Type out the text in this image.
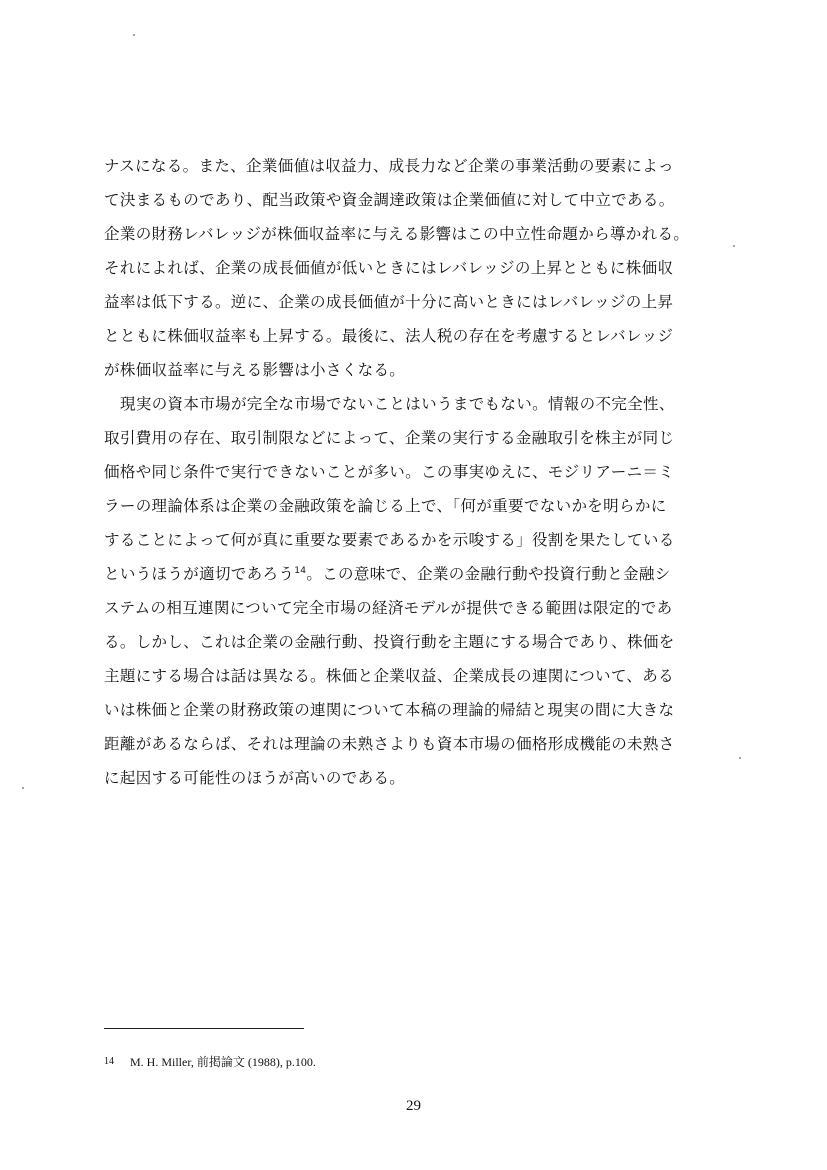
ナスになる。また、企業価値は収益力、成長力など企業の事業活動の要素によっ
て決まるものであり、配当政策や資金調達政策は企業価値に対して中立である。
企業の財務レバレッジが株価収益率に与える影響はこの中立性命題から導かれる。
それによれば、企業の成長価値が低いときにはレバレッジの上昇とともに株価収
益率は低下する。逆に、企業の成長価値が十分に高いときにはレバレッジの上昇
とともに株価収益率も上昇する。最後に、法人税の存在を考慮するとレバレッジ
が株価収益率に与える影響は小さくなる。
現実の資本市場が完全な市場でないことはいうまでもない。情報の不完全性、
取引費用の存在、取引制限などによって、企業の実行する金融取引を株主が同じ
価格や同じ条件で実行できないことが多い。この事実ゆえに、モジリアーニ＝ミ
ラーの理論体系は企業の金融政策を論じる上で、「何が重要でないかを明らかに
することによって何が真に重要な要素であるかを示唆する」役割を果たしている
というほうが適切であろう$^{14}$。この意味で、企業の金融行動や投資行動と金融シ
ステムの相互連関について完全市場の経済モデルが提供できる範囲は限定的であ
る。しかし、これは企業の金融行動、投資行動を主題にする場合であり、株価を
主題にする場合は話は異なる。株価と企業収益、企業成長の連関について、ある
いは株価と企業の財務政策の連関について本稿の理論的帰結と現実の間に大きな
距離があるならば、それは理論の未熟さよりも資本市場の価格形成機能の未熟さ
に起因する可能性のほうが高いのである。
14 M. H. Miller, 前掲論文 (1988), p.100.
29
